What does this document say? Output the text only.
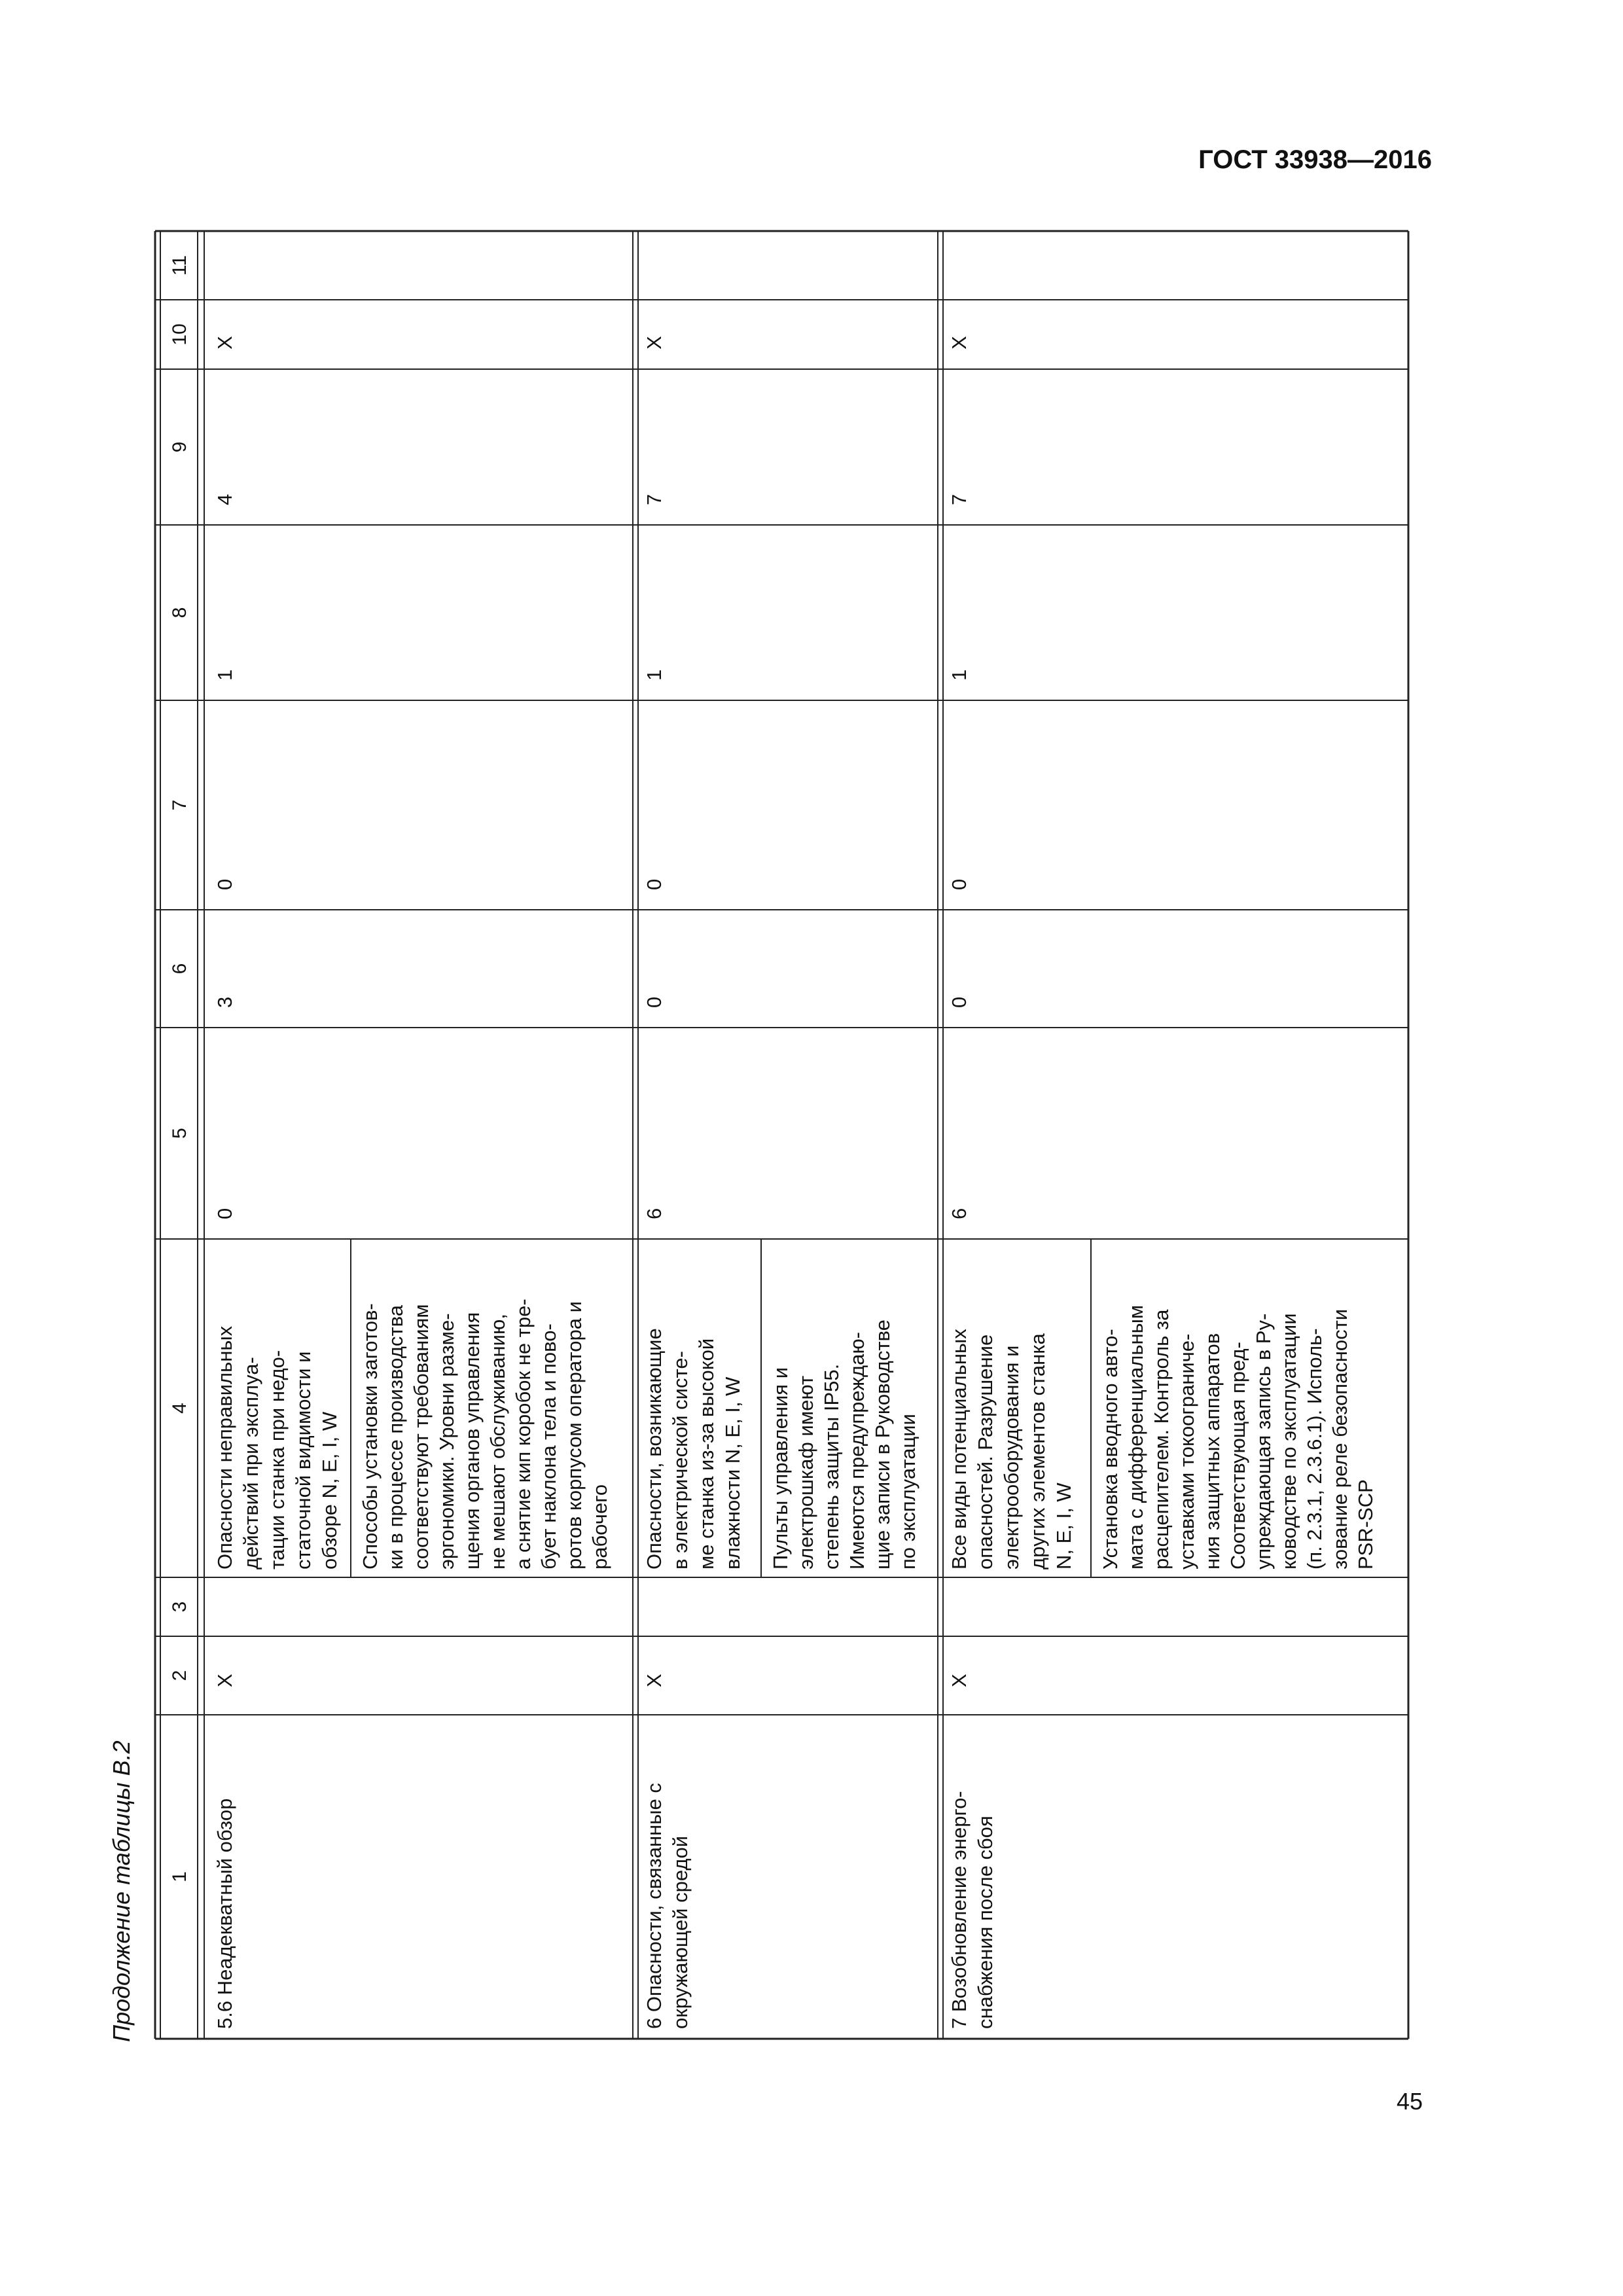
ГОСТ 33938—2016
45
Продолжение таблицы В.2 1
2
3
4
5
6
7
8
9
10
11
5.6 Неадекватный обзор
X
Опасности неправильных действий при эксплуа- тации станка при недо- статочной видимости и обзоре N, E, I, W Способы установки заготов- ки в процессе производства соответствуют требованиям эргономики. Уровни разме- щения органов управления не мешают обслуживанию, а снятие кип коробок не тре- бует наклона тела и пово- ротов корпусом оператора и рабочего
0
3
0
1
4
X
6 Опасности, связанные с окружающей средой
X
Опасности, возникающие в электрической систе- ме станка из-за высокой влажности N, E, I, W Пульты управления и электрошкаф имеют степень защиты IP55. Имеются предупреждаю- щие записи в Руководстве по эксплуатации
6
0
0
1
7
X
7 Возобновление энерго- снабжения после сбоя
X
Все виды потенциальных опасностей. Разрушение электрооборудования и других элементов станка N, E, I, W Установка вводного авто- мата с дифференциальным расцепителем. Контроль за уставками токоограниче- ния защитных аппаратов Соответствующая пред- упреждающая запись в Ру- ководстве по эксплуатации (п. 2.3.1, 2.3.6.1). Исполь- зование реле безопасности PSR-SCP
6
0
0
1
7
X
